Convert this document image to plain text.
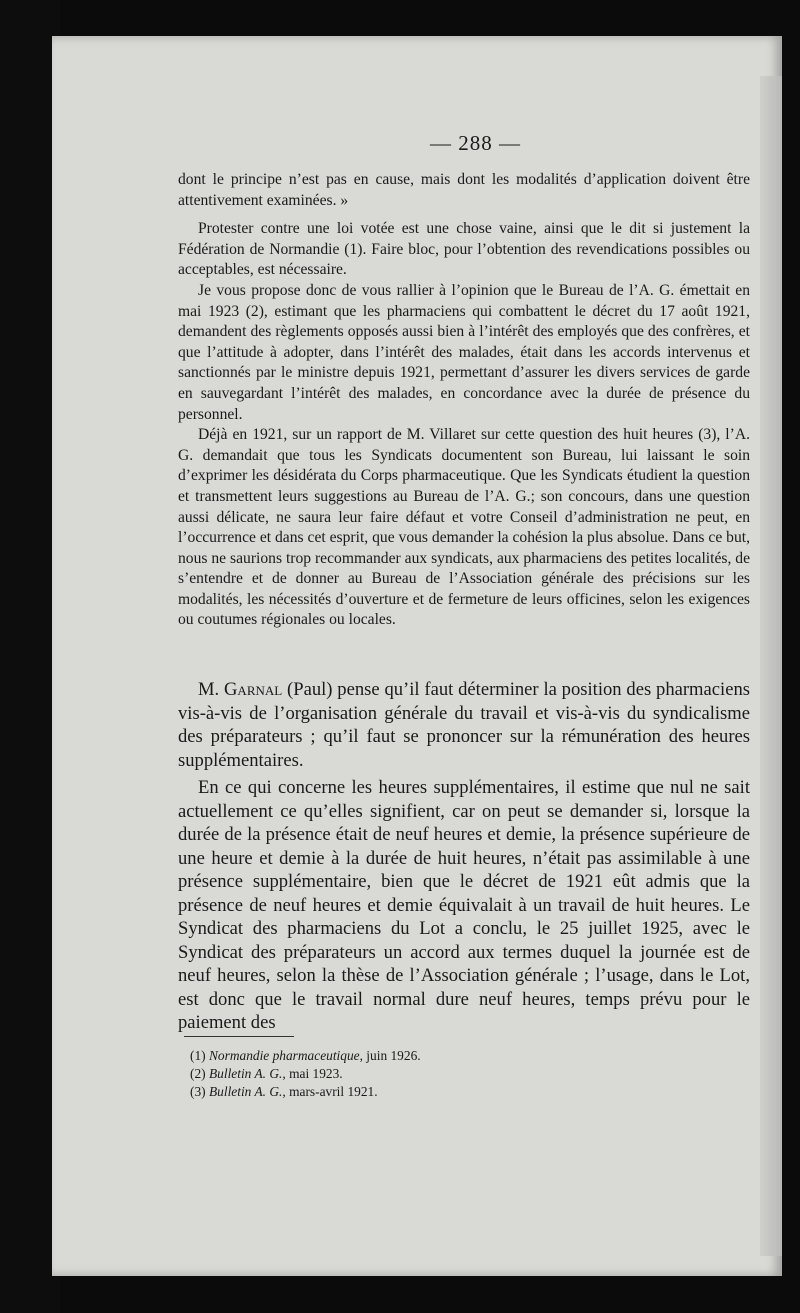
— 288 —

dont le principe n’est pas en cause, mais dont les modalités d’application doivent être attentivement examinées. »

Protester contre une loi votée est une chose vaine, ainsi que le dit si justement la Fédération de Normandie (1). Faire bloc, pour l’obtention des revendications possibles ou acceptables, est nécessaire.

Je vous propose donc de vous rallier à l’opinion que le Bureau de l’A. G. émettait en mai 1923 (2), estimant que les pharmaciens qui combattent le décret du 17 août 1921, demandent des règlements opposés aussi bien à l’intérêt des employés que des confrères, et que l’attitude à adopter, dans l’intérêt des malades, était dans les accords intervenus et sanctionnés par le ministre depuis 1921, permettant d’assurer les divers services de garde en sauvegardant l’intérêt des malades, en concordance avec la durée de présence du personnel.

Déjà en 1921, sur un rapport de M. Villaret sur cette question des huit heures (3), l’A. G. demandait que tous les Syndicats documentent son Bureau, lui laissant le soin d’exprimer les désidérata du Corps pharmaceutique. Que les Syndicats étudient la question et transmettent leurs suggestions au Bureau de l’A. G.; son concours, dans une question aussi délicate, ne saura leur faire défaut et votre Conseil d’administration ne peut, en l’occurrence et dans cet esprit, que vous demander la cohésion la plus absolue. Dans ce but, nous ne saurions trop recommander aux syndicats, aux pharmaciens des petites localités, de s’entendre et de donner au Bureau de l’Association générale des précisions sur les modalités, les nécessités d’ouverture et de fermeture de leurs officines, selon les exigences ou coutumes régionales ou locales.

M. Garnal (Paul) pense qu’il faut déterminer la position des pharmaciens vis-à-vis de l’organisation générale du travail et vis-à-vis du syndicalisme des préparateurs ; qu’il faut se prononcer sur la rémunération des heures supplémentaires.

En ce qui concerne les heures supplémentaires, il estime que nul ne sait actuellement ce qu’elles signifient, car on peut se demander si, lorsque la durée de la présence était de neuf heures et demie, la présence supérieure de une heure et demie à la durée de huit heures, n’était pas assimilable à une présence supplémentaire, bien que le décret de 1921 eût admis que la présence de neuf heures et demie équivalait à un travail de huit heures. Le Syndicat des pharmaciens du Lot a conclu, le 25 juillet 1925, avec le Syndicat des préparateurs un accord aux termes duquel la journée est de neuf heures, selon la thèse de l’Association générale ; l’usage, dans le Lot, est donc que le travail normal dure neuf heures, temps prévu pour le paiement des

(1) Normandie pharmaceutique, juin 1926.
(2) Bulletin A. G., mai 1923.
(3) Bulletin A. G., mars-avril 1921.
